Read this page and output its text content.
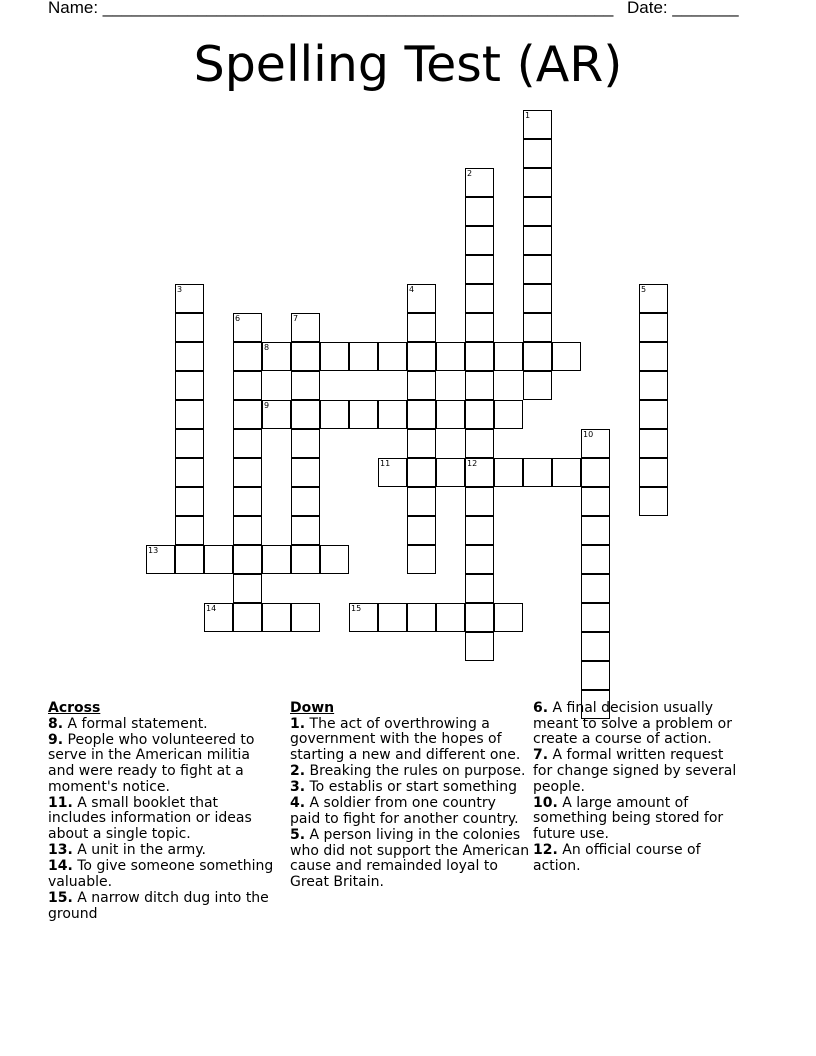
Name: ______________________________________________________ Date: _______
Spelling Test (AR)
3
6	7
4
2
12
1
10
5
8
9
11
13
15
14
Across
8. A formal statement.
9. People who volunteered to serve in the American militia and were ready to fight at a moment's notice.
11. A small booklet that includes information or ideas about a single topic.
13. A unit in the army.
14. To give someone something valuable.
15. A narrow ditch dug into the ground
Down
1. The act of overthrowing a government with the hopes of starting a new and different one.
2. Breaking the rules on purpose.
3. To establis or start something
4. A soldier from one country paid to fight for another country.
5. A person living in the colonies who did not support the American cause and remainded loyal to Great Britain.
6. A final decision usually meant to solve a problem or create a course of action.
7. A formal written request for change signed by several people.
10. A large amount of something being stored for future use.
12. An official course of action.
